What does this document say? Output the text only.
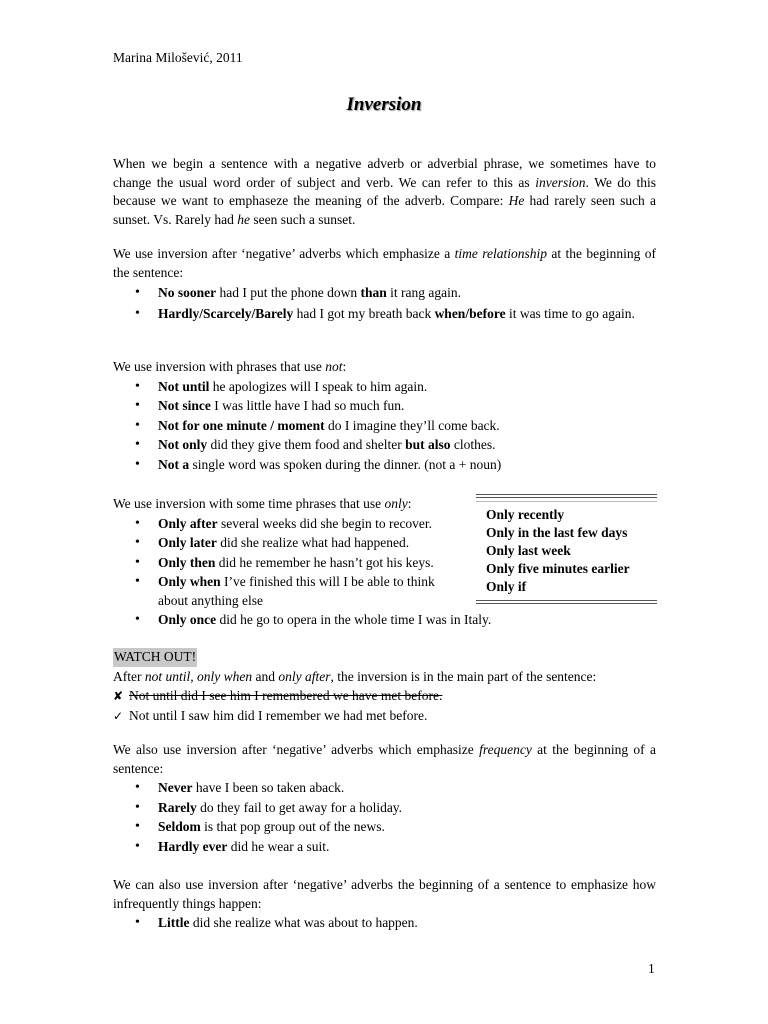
Marina Milošević, 2011
Inversion

When we begin a sentence with a negative adverb or adverbial phrase, we sometimes have to change the usual word order of subject and verb. We can refer to this as inversion. We do this because we want to emphaseze the meaning of the adverb. Compare: He had rarely seen such a sunset. Vs. Rarely had he seen such a sunset.

We use inversion after ‘negative’ adverbs which emphasize a time relationship at the beginning of the sentence:

• No sooner had I put the phone down than it rang again.
• Hardly/Scarcely/Barely had I got my breath back when/before it was time to go again.

We use inversion with phrases that use not:

• Not until he apologizes will I speak to him again.
• Not since I was little have I had so much fun.
• Not for one minute / moment do I imagine they’ll come back.
• Not only did they give them food and shelter but also clothes.
• Not a single word was spoken during the dinner. (not a + noun)

We use inversion with some time phrases that use only:

• Only after several weeks did she begin to recover.
• Only later did she realize what had happened.
• Only then did he remember he hasn’t got his keys.
• Only when I’ve finished this will I be able to think about anything else
• Only once did he go to opera in the whole time I was in Italy.
Only recently
Only in the last few days
Only last week
Only five minutes earlier
Only if

WATCH OUT!

After not until, only when and only after, the inversion is in the main part of the sentence:

✘ Not until did I see him I remembered we have met before.

✓ Not until I saw him did I remember we had met before.

We also use inversion after ‘negative’ adverbs which emphasize frequency at the beginning of a sentence:

• Never have I been so taken aback.
• Rarely do they fail to get away for a holiday.
• Seldom is that pop group out of the news.
• Hardly ever did he wear a suit.

We can also use inversion after ‘negative’ adverbs the beginning of a sentence to emphasize how infrequently things happen:

• Little did she realize what was about to happen.
1
